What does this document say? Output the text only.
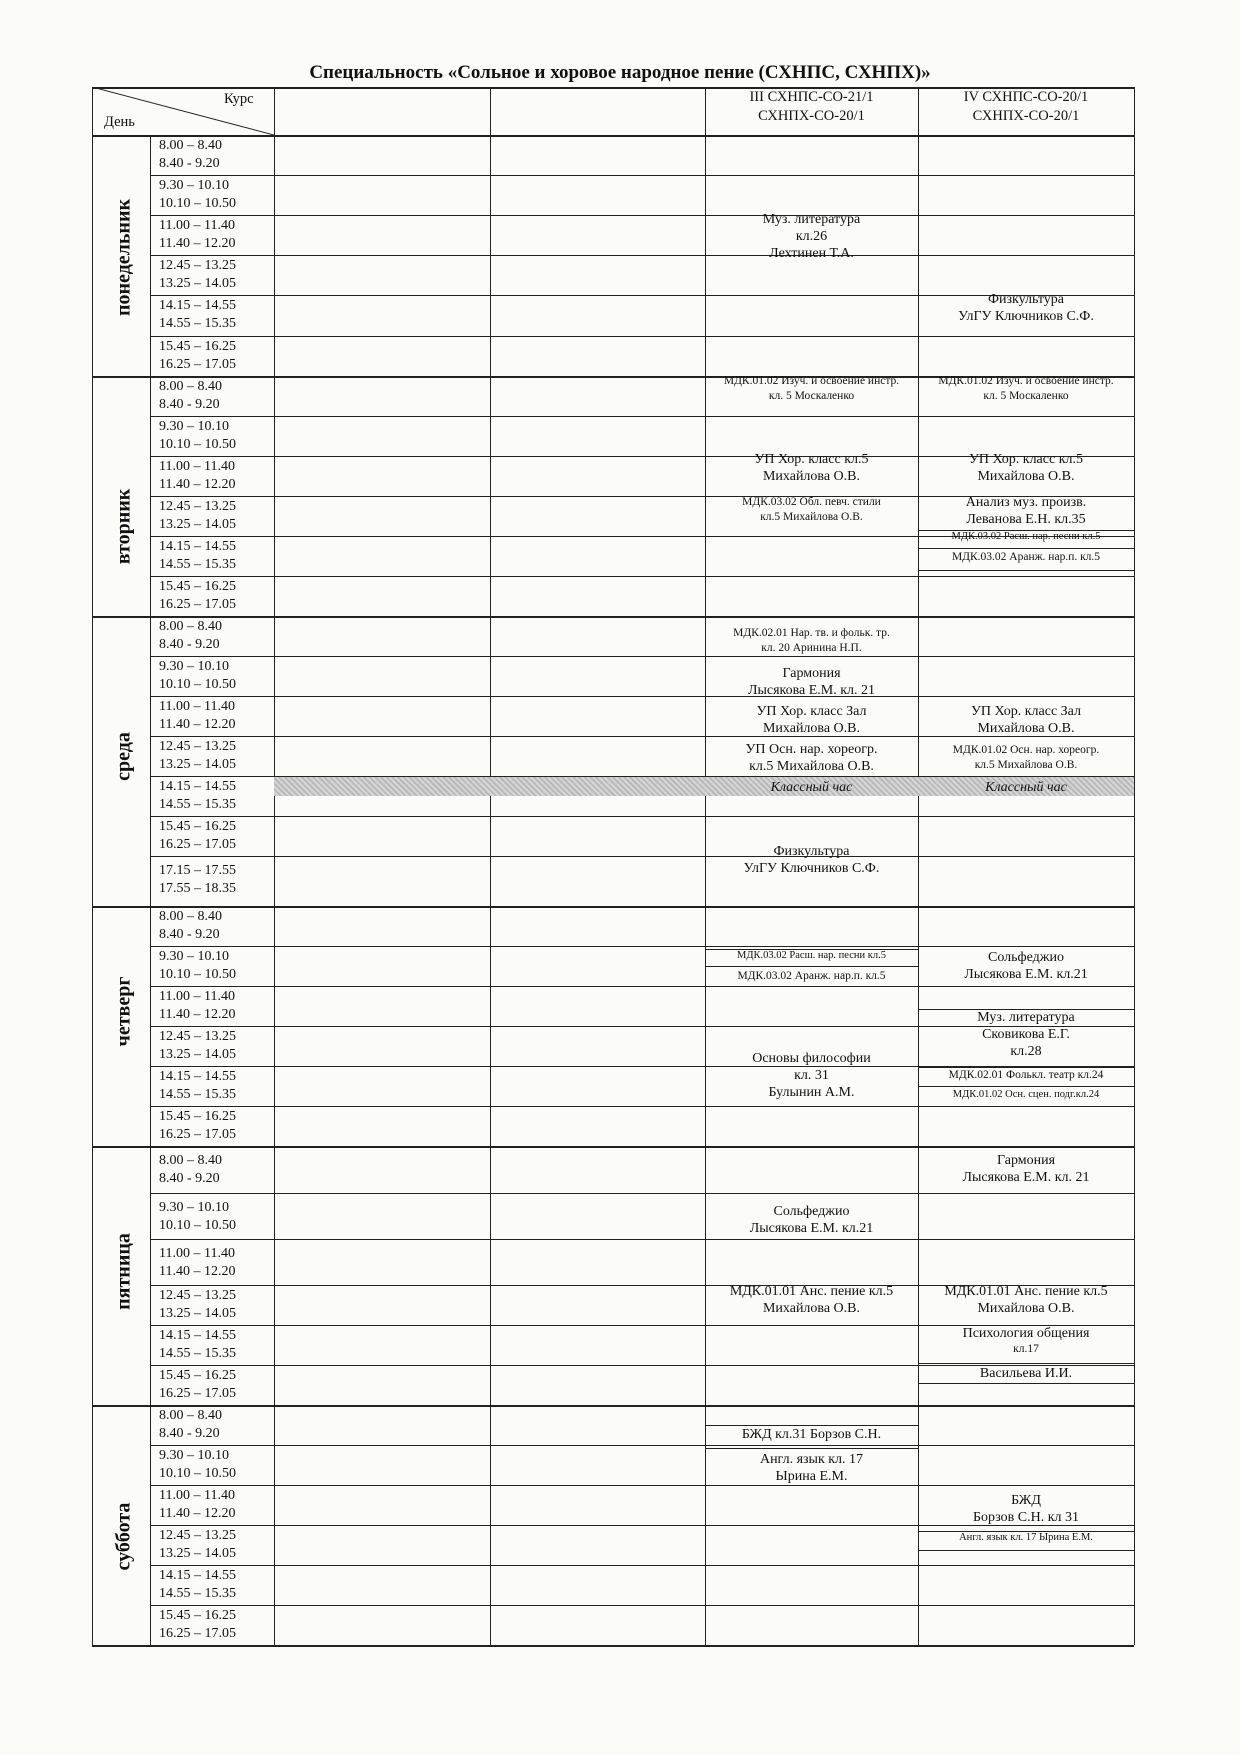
Специальность «Сольное и хоровое народное пение (СХНПС, СХНПХ)»
Курс
День
III СХНПС-СО-21/1
СХНПХ-СО-20/1
IV СХНПС-СО-20/1
СХНПХ-СО-20/1
понедельник
вторник
среда
четверг
пятница
суббота
8.00 – 8.40
8.40 - 9.20
9.30 – 10.10
10.10 – 10.50
11.00 – 11.40
11.40 – 12.20
12.45 – 13.25
13.25 – 14.05
14.15 – 14.55
14.55 – 15.35
15.45 – 16.25
16.25 – 17.05
8.00 – 8.40
8.40 - 9.20
9.30 – 10.10
10.10 – 10.50
11.00 – 11.40
11.40 – 12.20
12.45 – 13.25
13.25 – 14.05
14.15 – 14.55
14.55 – 15.35
15.45 – 16.25
16.25 – 17.05
8.00 – 8.40
8.40 - 9.20
9.30 – 10.10
10.10 – 10.50
11.00 – 11.40
11.40 – 12.20
12.45 – 13.25
13.25 – 14.05
14.15 – 14.55
14.55 – 15.35
15.45 – 16.25
16.25 – 17.05
17.15 – 17.55
17.55 – 18.35
8.00 – 8.40
8.40 - 9.20
9.30 – 10.10
10.10 – 10.50
11.00 – 11.40
11.40 – 12.20
12.45 – 13.25
13.25 – 14.05
14.15 – 14.55
14.55 – 15.35
15.45 – 16.25
16.25 – 17.05
8.00 – 8.40
8.40 - 9.20
9.30 – 10.10
10.10 – 10.50
11.00 – 11.40
11.40 – 12.20
12.45 – 13.25
13.25 – 14.05
14.15 – 14.55
14.55 – 15.35
15.45 – 16.25
16.25 – 17.05
8.00 – 8.40
8.40 - 9.20
9.30 – 10.10
10.10 – 10.50
11.00 – 11.40
11.40 – 12.20
12.45 – 13.25
13.25 – 14.05
14.15 – 14.55
14.55 – 15.35
15.45 – 16.25
16.25 – 17.05
Муз. литература
кл.26
Лехтинен Т.А.
Физкультура
УлГУ Ключников С.Ф.
МДК.01.02 Изуч. и освоение инстр.
кл. 5 Москаленко
МДК.01.02 Изуч. и освоение инстр.
кл. 5 Москаленко
УП Хор. класс кл.5
Михайлова О.В.
УП Хор. класс кл.5
Михайлова О.В.
МДК.03.02 Обл. певч. стили
кл.5 Михайлова О.В.
Анализ муз. произв.
Леванова Е.Н. кл.35
МДК.03.02 Расш. нар. песни кл.5
МДК.03.02 Аранж. нар.п. кл.5
МДК.02.01 Нар. тв. и фольк. тр.
кл. 20 Аринина Н.П.
Гармония
Лысякова Е.М. кл. 21
УП Хор. класс Зал
Михайлова О.В.
УП Хор. класс Зал
Михайлова О.В.
УП Осн. нар. хореогр.
кл.5 Михайлова О.В.
МДК.01.02 Осн. нар. хореогр.
кл.5 Михайлова О.В.
Классный час	Классный час
Физкультура
УлГУ Ключников С.Ф.
МДК.03.02 Расш. нар. песни кл.5
МДК.03.02 Аранж. нар.п. кл.5
Сольфеджио
Лысякова Е.М. кл.21
Муз. литература
Сковикова Е.Г.
кл.28
Основы философии
кл. 31
Булынин А.М.
МДК.02.01 Фолькл. театр кл.24
МДК.01.02 Осн. сцен. подг.кл.24
Гармония
Лысякова Е.М. кл. 21
Сольфеджио
Лысякова Е.М. кл.21
МДК.01.01 Анс. пение кл.5
Михайлова О.В.
МДК.01.01 Анс. пение кл.5
Михайлова О.В.
Психология общения
кл.17
Васильева И.И.
БЖД кл.31 Борзов С.Н.
Англ. язык кл. 17
Ырина Е.М.
БЖД
Борзов С.Н. кл 31
Англ. язык кл. 17 Ырина Е.М.
